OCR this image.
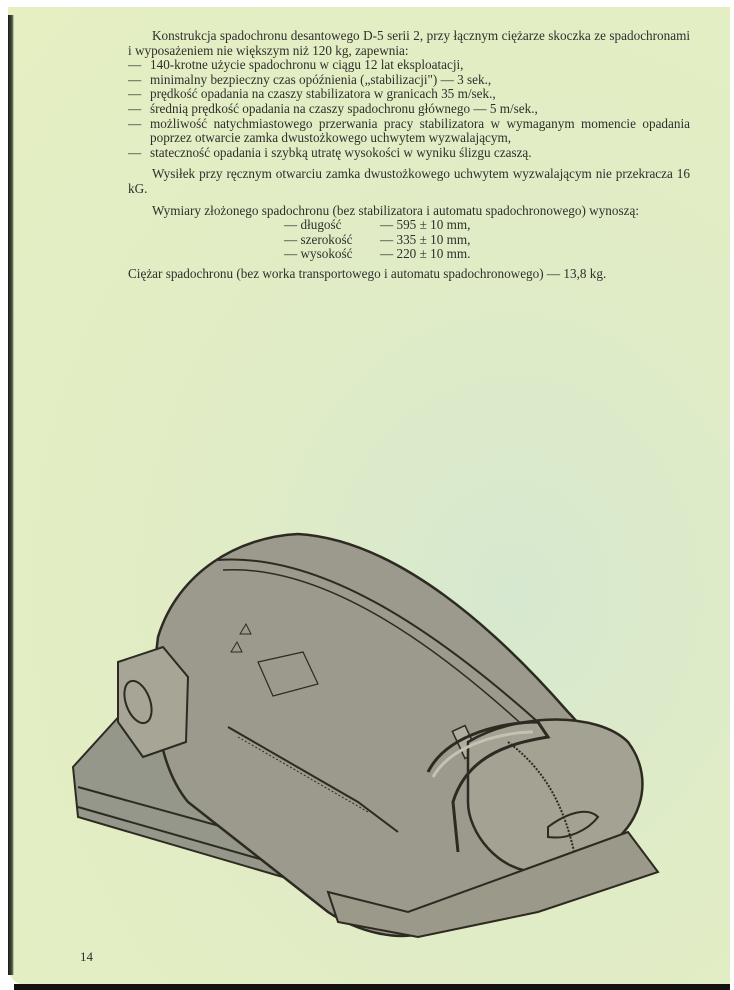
Konstrukcja spadochronu desantowego D-5 serii 2, przy łącznym ciężarze skoczka ze spadochronami i wyposażeniem nie większym niż 120 kg, zapewnia:

— 140-krotne użycie spadochronu w ciągu 12 lat eksploatacji,
— minimalny bezpieczny czas opóźnienia („stabilizacji") — 3 sek.,
— prędkość opadania na czaszy stabilizatora w granicach 35 m/sek.,
— średnią prędkość opadania na czaszy spadochronu głównego — 5 m/sek.,
— możliwość natychmiastowego przerwania pracy stabilizatora w wymaganym momencie opadania poprzez otwarcie zamka dwustożkowego uchwytem wyzwalającym,
— stateczność opadania i szybką utratę wysokości w wyniku ślizgu czaszą.

Wysiłek przy ręcznym otwarciu zamka dwustożkowego uchwytem wyzwalającym nie przekracza 16 kG.

Wymiary złożonego spadochronu (bez stabilizatora i automatu spadochronowego) wynoszą:

— długość	— 595 ± 10 mm,
— szerokość	— 335 ± 10 mm,
— wysokość	— 220 ± 10 mm.

Ciężar spadochronu (bez worka transportowego i automatu spadochronowego) — 13,8 kg.

14
